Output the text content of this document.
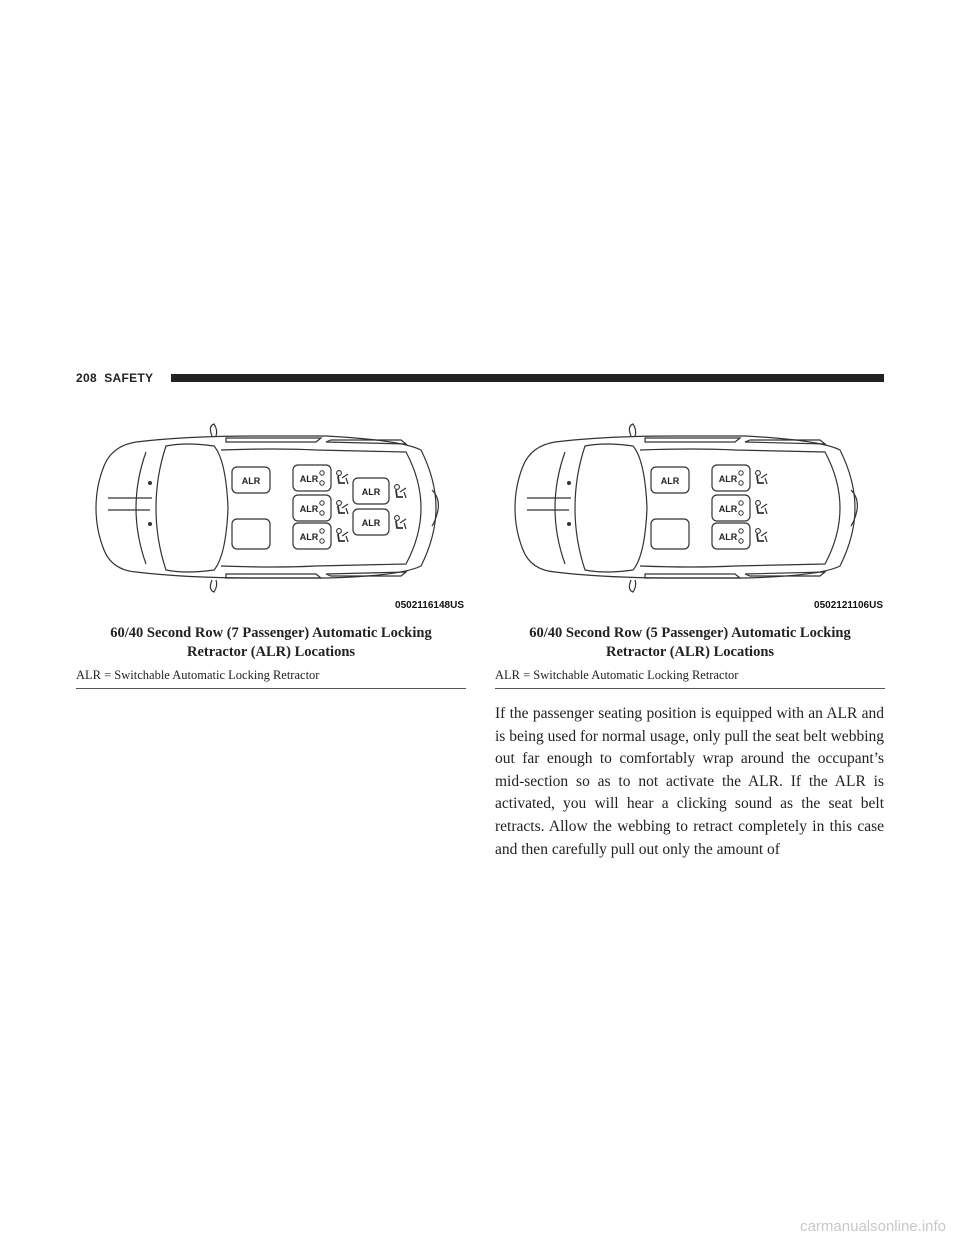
208 SAFETY
ALR	ALR
ALR
ALR
ALR
ALR
0502116148US
60/40 Second Row (7 Passenger) Automatic Locking
Retractor (ALR) Locations
ALR = Switchable Automatic Locking Retractor
ALR	ALR
ALR
ALR
0502121106US
60/40 Second Row (5 Passenger) Automatic Locking
Retractor (ALR) Locations
ALR = Switchable Automatic Locking Retractor

If the passenger seating position is equipped with an ALR and is being used for normal usage, only pull the seat belt webbing out far enough to comfortably wrap around the occupant’s mid-section so as to not activate the ALR. If the ALR is activated, you will hear a clicking sound as the seat belt retracts. Allow the webbing to retract completely in this case and then carefully pull out only the amount of

carmanualsonline.info
